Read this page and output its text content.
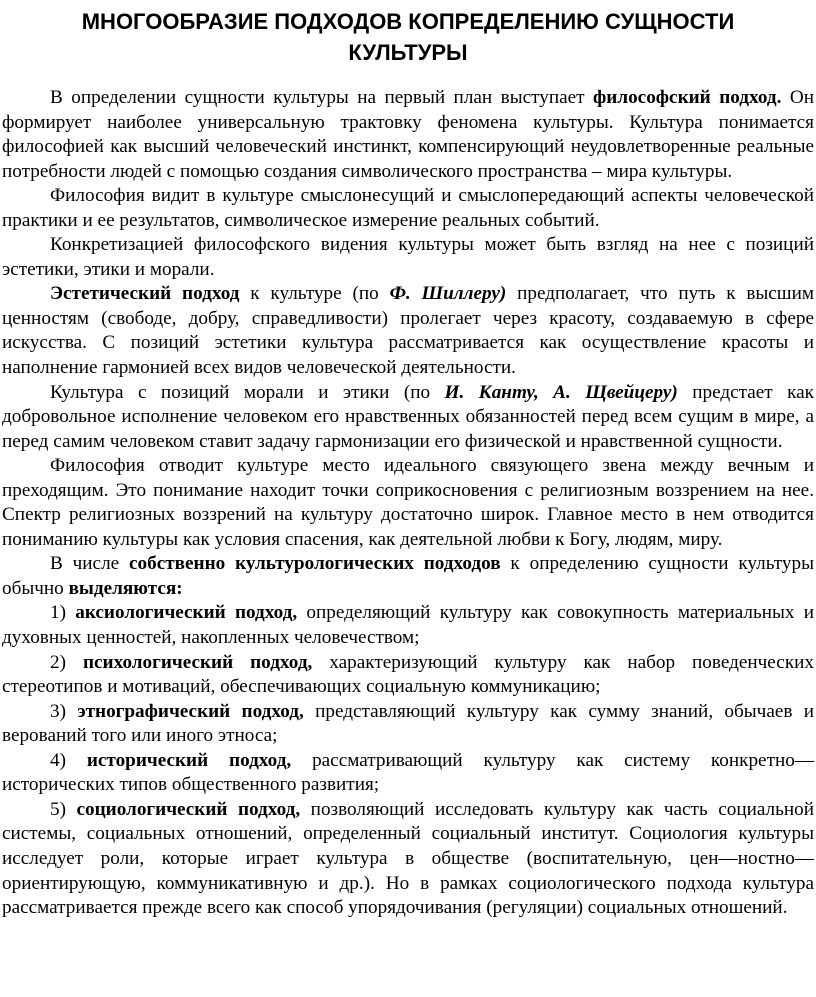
МНОГООБРАЗИЕ ПОДХОДОВ КОПРЕДЕЛЕНИЮ СУЩНОСТИ КУЛЬТУРЫ

В определении сущности культуры на первый план выступает философский подход. Он формирует наиболее универсальную трактовку феномена культуры. Культура понимается философией как высший человеческий инстинкт, компенсирующий неудовлетворенные реальные потребности людей с помощью создания символического пространства – мира культуры.

Философия видит в культуре смыслонесущий и смыслопередающий аспекты человеческой практики и ее результатов, символическое измерение реальных событий.

Конкретизацией философского видения культуры может быть взгляд на нее с позиций эстетики, этики и морали.

Эстетический подход к культуре (по Ф. Шиллеру) предполагает, что путь к высшим ценностям (свободе, добру, справедливости) пролегает через красоту, создаваемую в сфере искусства. С позиций эстетики культура рассматривается как осуществление красоты и наполнение гармонией всех видов человеческой деятельности.

Культура с позиций морали и этики (по И. Канту, А. Щвейцеру) предстает как добровольное исполнение человеком его нравственных обязанностей перед всем сущим в мире, а перед самим человеком ставит задачу гармонизации его физической и нравственной сущности.

Философия отводит культуре место идеального связующего звена между вечным и преходящим. Это понимание находит точки соприкосновения с религиозным воззрением на нее. Спектр религиозных воззрений на культуру достаточно широк. Главное место в нем отводится пониманию культуры как условия спасения, как деятельной любви к Богу, людям, миру.

В числе собственно культурологических подходов к определению сущности культуры обычно выделяются:

1) аксиологический подход, определяющий культуру как совокупность материальных и духовных ценностей, накопленных человечеством;

2) психологический подход, характеризующий культуру как набор поведенческих стереотипов и мотиваций, обеспечивающих социальную коммуникацию;

3) этнографический подход, представляющий культуру как сумму знаний, обычаев и верований того или иного этноса;

4) исторический подход, рассматривающий культуру как систему конкретно—исторических типов общественного развития;

5) социологический подход, позволяющий исследовать культуру как часть социальной системы, социальных отношений, определенный социальный институт. Социология культуры исследует роли, которые играет культура в обществе (воспитательную, цен—ностно—ориентирующую, коммуникативную и др.). Но в рамках социологического подхода культура рассматривается прежде всего как способ упорядочивания (регуляции) социальных отношений.
